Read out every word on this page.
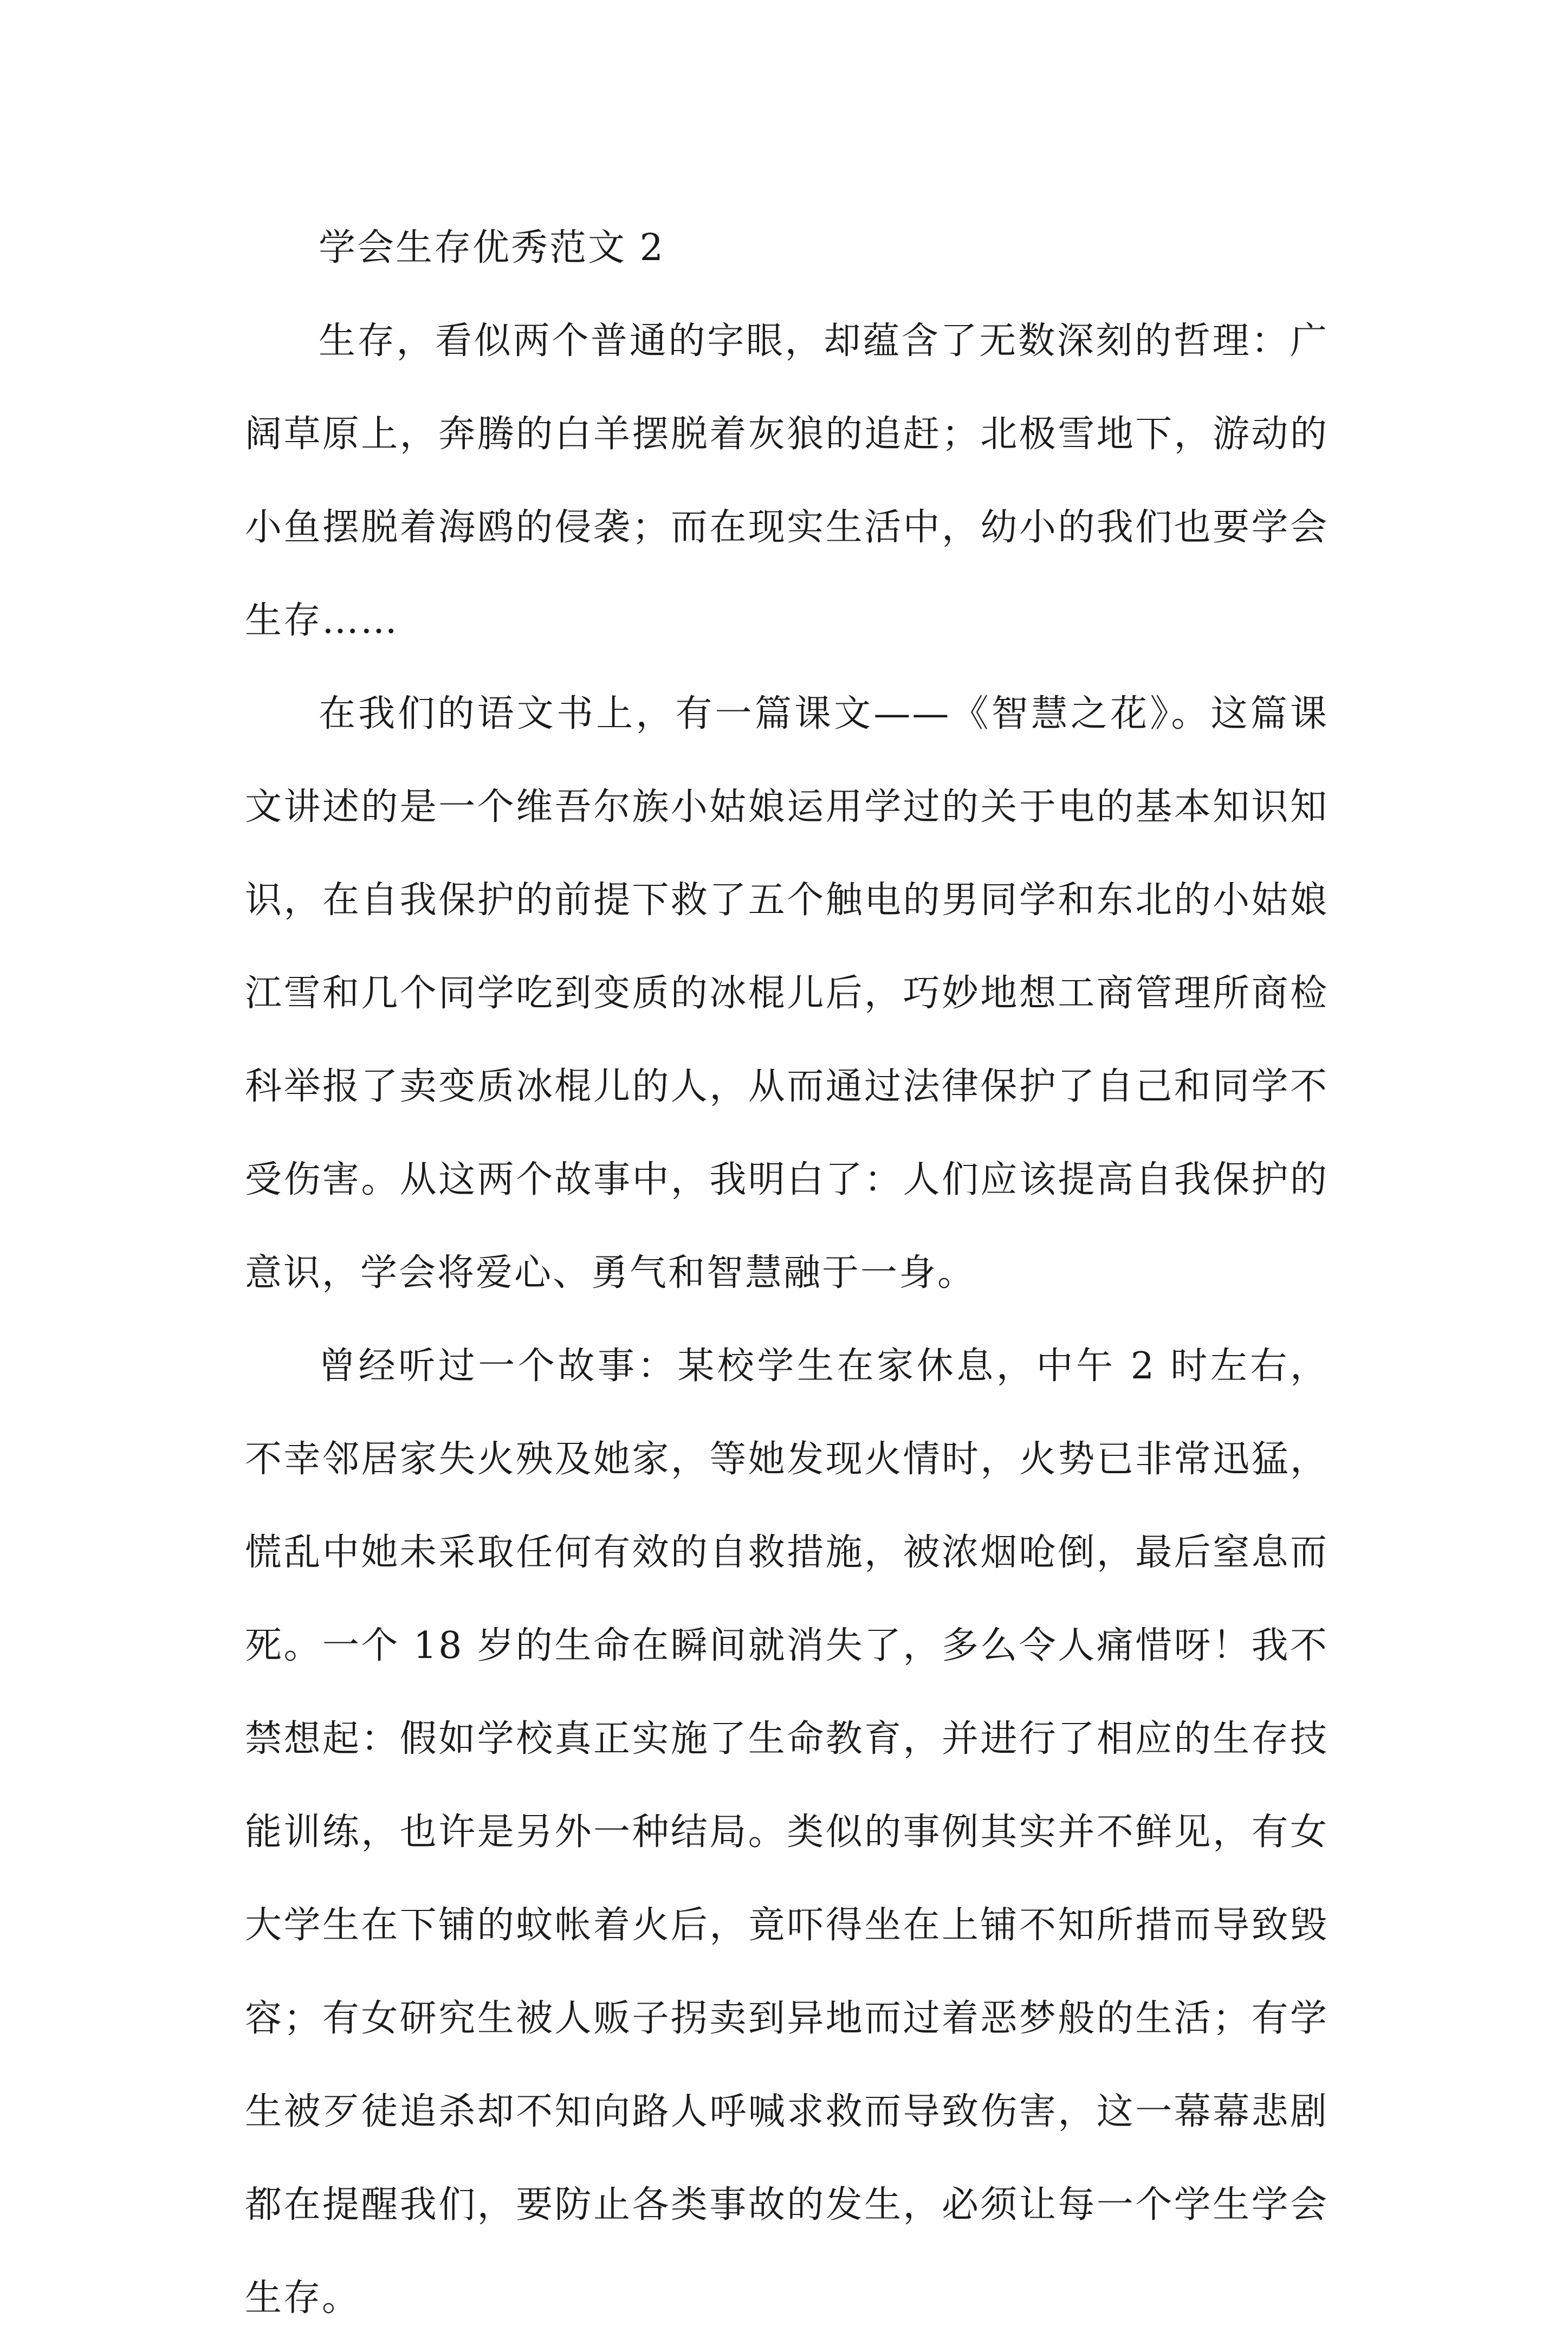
学会生存优秀范文 2

生存，看似两个普通的字眼，却蕴含了无数深刻的哲理：广阔草原上，奔腾的白羊摆脱着灰狼的追赶；北极雪地下，游动的小鱼摆脱着海鸥的侵袭；而在现实生活中，幼小的我们也要学会生存……

在我们的语文书上，有一篇课文——《智慧之花》。这篇课文讲述的是一个维吾尔族小姑娘运用学过的关于电的基本知识知识，在自我保护的前提下救了五个触电的男同学和东北的小姑娘江雪和几个同学吃到变质的冰棍儿后，巧妙地想工商管理所商检科举报了卖变质冰棍儿的人，从而通过法律保护了自己和同学不受伤害。从这两个故事中，我明白了：人们应该提高自我保护的意识，学会将爱心、勇气和智慧融于一身。

曾经听过一个故事：某校学生在家休息，中午 2 时左右，不幸邻居家失火殃及她家，等她发现火情时，火势已非常迅猛，慌乱中她未采取任何有效的自救措施，被浓烟呛倒，最后窒息而死。一个 18 岁的生命在瞬间就消失了，多么令人痛惜呀！我不禁想起：假如学校真正实施了生命教育，并进行了相应的生存技能训练，也许是另外一种结局。类似的事例其实并不鲜见，有女大学生在下铺的蚊帐着火后，竟吓得坐在上铺不知所措而导致毁容；有女研究生被人贩子拐卖到异地而过着恶梦般的生活；有学生被歹徒追杀却不知向路人呼喊求救而导致伤害，这一幕幕悲剧都在提醒我们，要防止各类事故的发生，必须让每一个学生学会生存。
